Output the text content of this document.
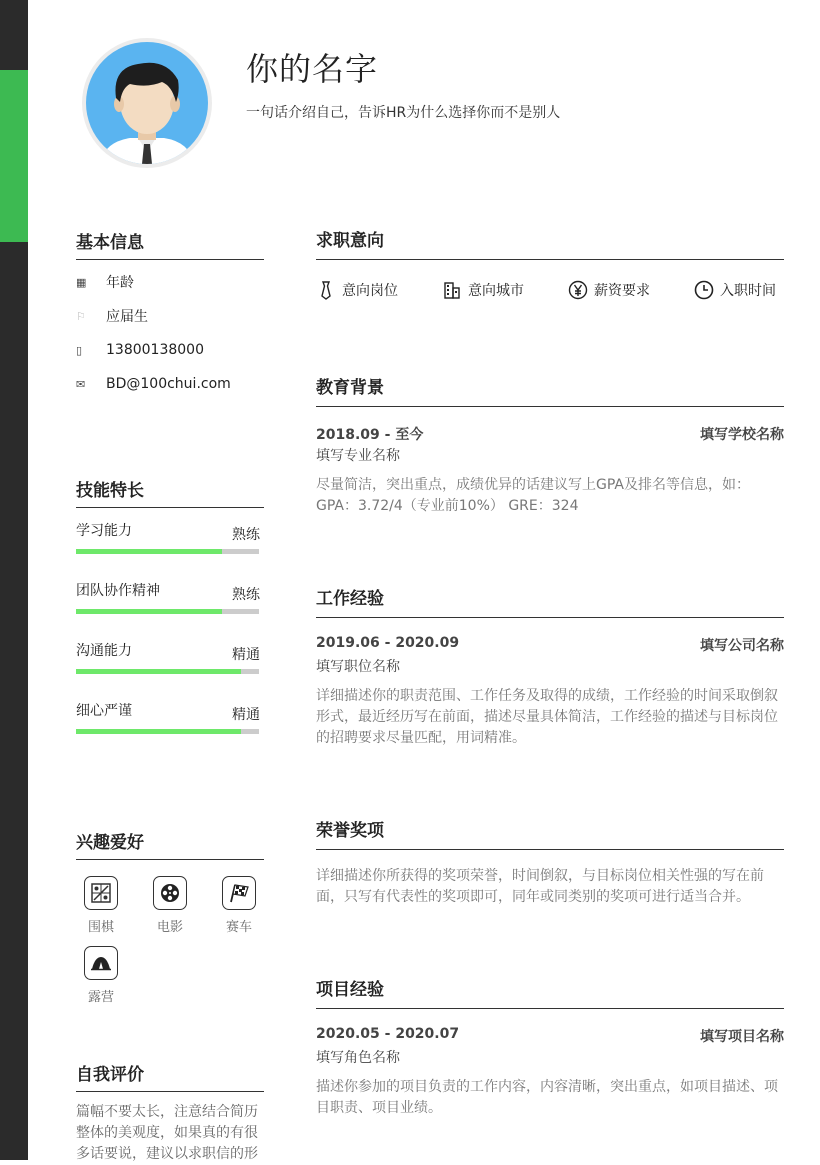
你的名字
一句话介绍自己，告诉HR为什么选择你而不是别人
基本信息
▦	年龄
⚐	应届生
▯	13800138000
✉	BD@100chui.com
技能特长
学习能力	熟练
团队协作精神	熟练
沟通能力	精通
细心严谨	精通
兴趣爱好
围棋	电影	赛车
露营
自我评价
篇幅不要太长，注意结合简历整体的美观度，如果真的有很多话要说，建议以求职信的形
求职意向
意向岗位	意向城市	薪资要求	入职时间
教育背景
2018.09 - 至今	填写学校名称
填写专业名称
尽量简洁，突出重点，成绩优异的话建议写上GPA及排名等信息，如：GPA：3.72/4（专业前10%） GRE：324
工作经验
2019.06 - 2020.09	填写公司名称
填写职位名称
详细描述你的职责范围、工作任务及取得的成绩，工作经验的时间采取倒叙形式，最近经历写在前面，描述尽量具体简洁，工作经验的描述与目标岗位的招聘要求尽量匹配，用词精准。
荣誉奖项
详细描述你所获得的奖项荣誉，时间倒叙，与目标岗位相关性强的写在前面，只写有代表性的奖项即可，同年或同类别的奖项可进行适当合并。
项目经验
2020.05 - 2020.07	填写项目名称
填写角色名称
描述你参加的项目负责的工作内容，内容清晰，突出重点，如项目描述、项目职责、项目业绩。
